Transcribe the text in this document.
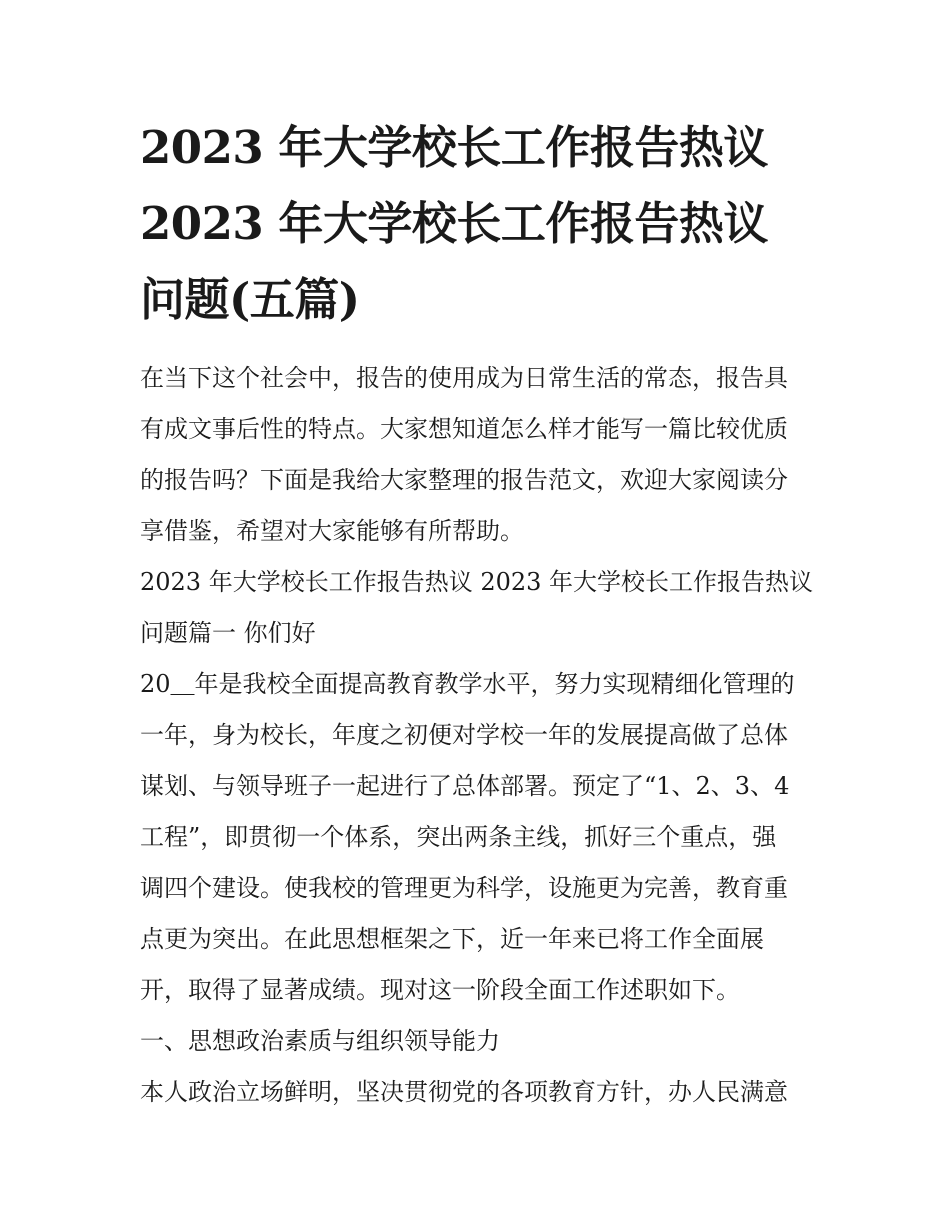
2023 年大学校长工作报告热议
2023 年大学校长工作报告热议
问题(五篇)
在当下这个社会中，报告的使用成为日常生活的常态，报告具
有成文事后性的特点。大家想知道怎么样才能写一篇比较优质
的报告吗？下面是我给大家整理的报告范文，欢迎大家阅读分
享借鉴，希望对大家能够有所帮助。
2023 年大学校长工作报告热议 2023 年大学校长工作报告热议
问题篇一 你们好
20＿年是我校全面提高教育教学水平，努力实现精细化管理的
一年，身为校长，年度之初便对学校一年的发展提高做了总体
谋划、与领导班子一起进行了总体部署。预定了“1、2、3、4
工程”，即贯彻一个体系，突出两条主线，抓好三个重点，强
调四个建设。使我校的管理更为科学，设施更为完善，教育重
点更为突出。在此思想框架之下，近一年来已将工作全面展
开，取得了显著成绩。现对这一阶段全面工作述职如下。
一、思想政治素质与组织领导能力
本人政治立场鲜明，坚决贯彻党的各项教育方针，办人民满意
